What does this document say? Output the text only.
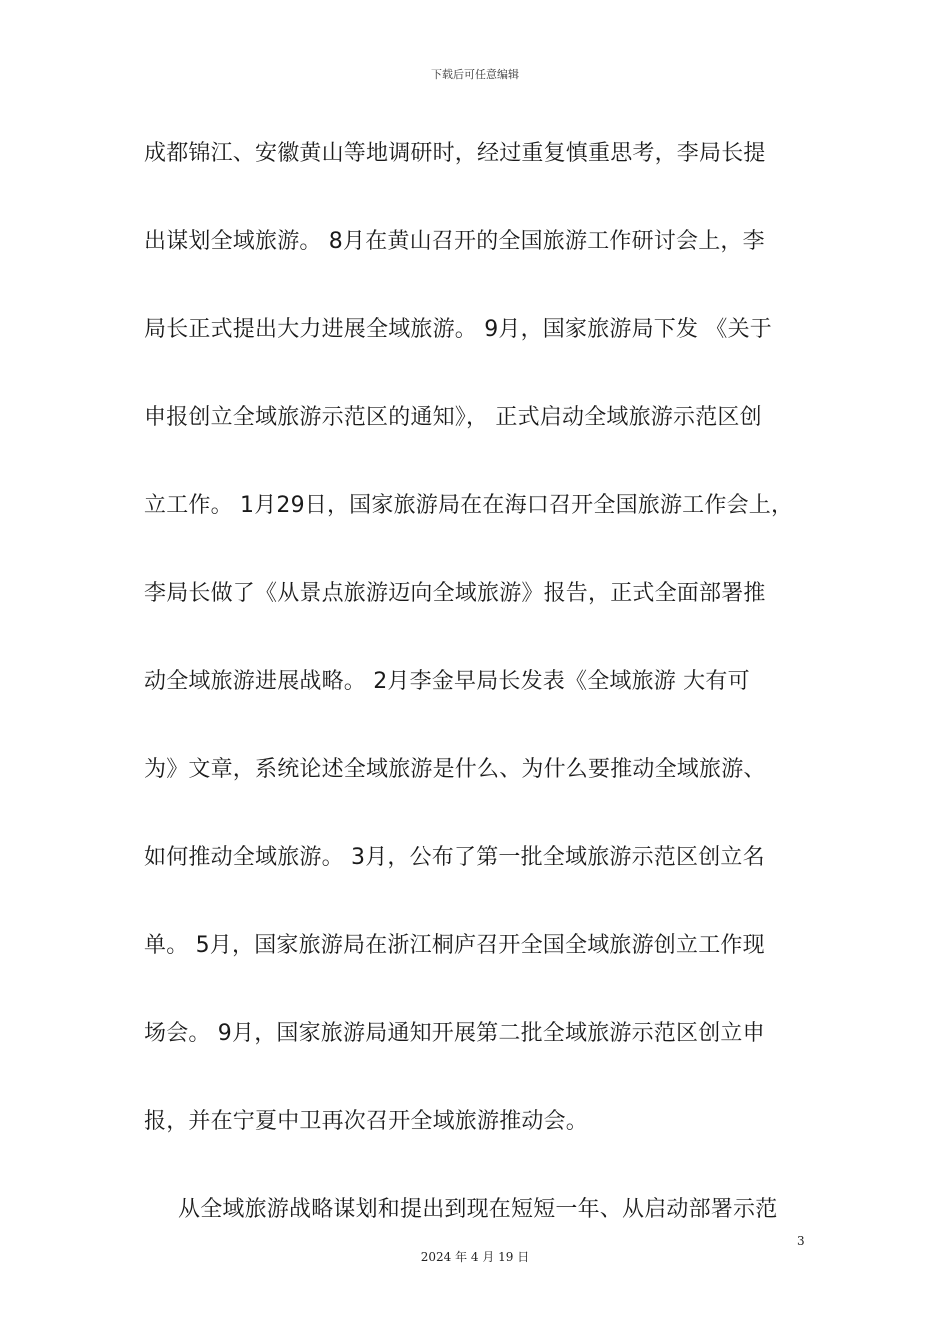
下载后可任意编辑
成都锦江、安徽黄山等地调研时，经过重复慎重思考，李局长提
出谋划全域旅游。 8月在黄山召开的全国旅游工作研讨会上，李
局长正式提出大力进展全域旅游。 9月，国家旅游局下发 《关于
申报创立全域旅游示范区的通知》， 正式启动全域旅游示范区创
立工作。 1月29日，国家旅游局在在海口召开全国旅游工作会上，
李局长做了《从景点旅游迈向全域旅游》报告，正式全面部署推
动全域旅游进展战略。 2月李金早局长发表《全域旅游 大有可
为》文章，系统论述全域旅游是什么、为什么要推动全域旅游、
如何推动全域旅游。 3月，公布了第一批全域旅游示范区创立名
单。 5月，国家旅游局在浙江桐庐召开全国全域旅游创立工作现
场会。 9月，国家旅游局通知开展第二批全域旅游示范区创立申
报，并在宁夏中卫再次召开全域旅游推动会。
从全域旅游战略谋划和提出到现在短短一年、从启动部署示范
3
2024 年 4 月 19 日
